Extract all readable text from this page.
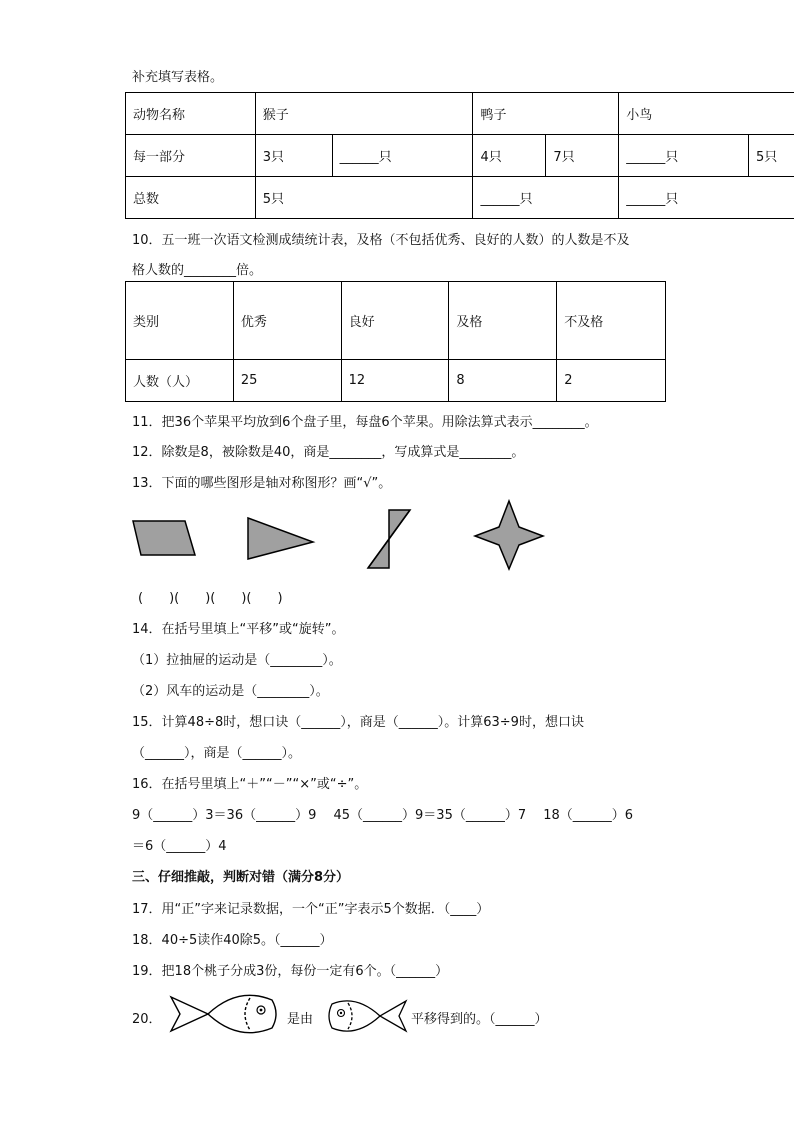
补充填写表格。
动物名称	猴子		鸭子		小鸟	
每一部分	3只	______只	4只	7只	______只	5只
总数	5只		______只		______只	
10．五一班一次语文检测成绩统计表，及格（不包括优秀、良好的人数）的人数是不及
格人数的________倍。
类别	优秀	良好	及格	不及格
人数（人）	25	12	8	2
11．把36个苹果平均放到6个盘子里，每盘6个苹果。用除法算式表示________。
12．除数是8，被除数是40，商是________，写成算式是________。
13．下面的哪些图形是轴对称图形？画“√”。
(　　)(　　)(　　)(　　)
14．在括号里填上“平移”或“旋转”。
（1）拉抽屉的运动是（________）。
（2）风车的运动是（________）。
15．计算48÷8时，想口诀（______），商是（______）。计算63÷9时，想口诀
（______），商是（______）。
16．在括号里填上“＋”“－”“×”或“÷”。
9（______）3＝36（______）9　 45（______）9＝35（______）7　 18（______）6
＝6（______）4
三、仔细推敲，判断对错（满分8分）
17．用“正”字来记录数据，一个“正”字表示5个数据．（____）
18．40÷5读作40除5。（______）
19．把18个桃子分成3份，每份一定有6个。（______）
20．	是由	平移得到的。（______）
